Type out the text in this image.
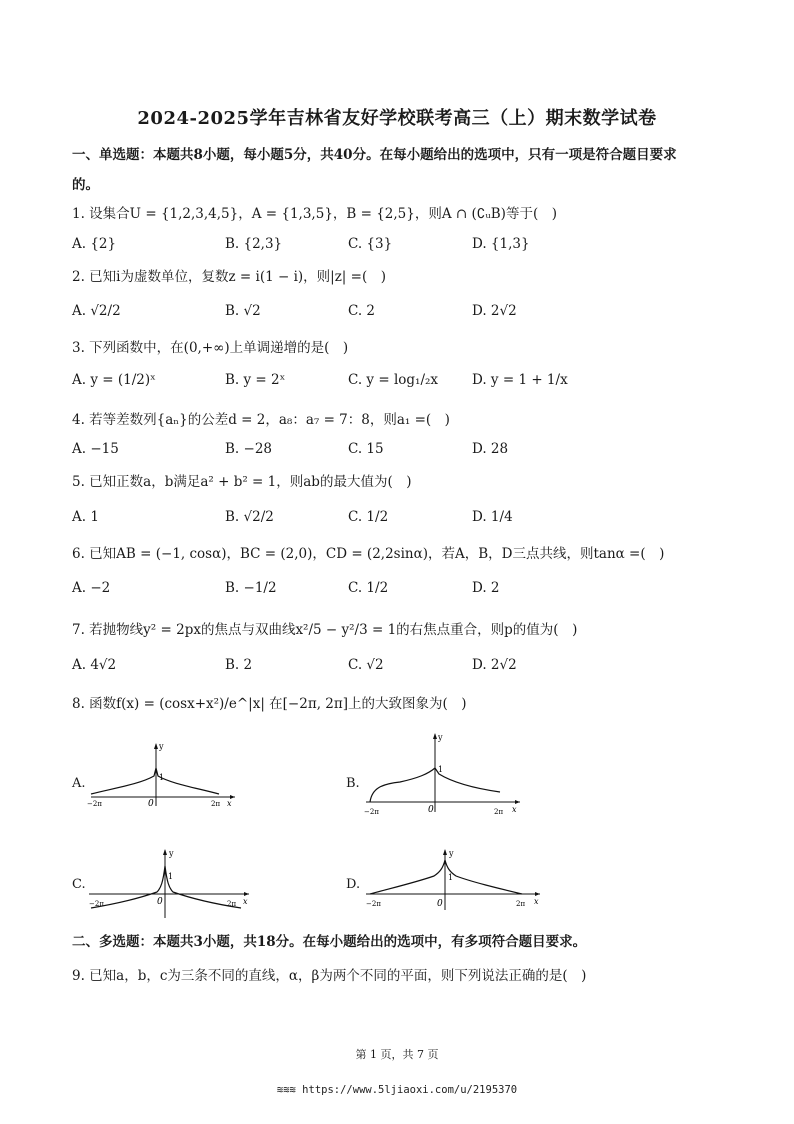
2024-2025学年吉林省友好学校联考高三（上）期末数学试卷
一、单选题：本题共8小题，每小题5分，共40分。在每小题给出的选项中，只有一项是符合题目要求
的。
1. 设集合U = {1,2,3,4,5}，A = {1,3,5}，B = {2,5}，则A ∩ (∁ᵤB)等于(　)
A. {2}	B. {2,3}	C. {3}	D. {1,3}
2. 已知i为虚数单位，复数z = i(1 − i)，则|z| =(　)
A. √2/2	B. √2	C. 2	D. 2√2
3. 下列函数中，在(0,+∞)上单调递增的是(　)
A. y = (1/2)ˣ	B. y = 2ˣ	C. y = log₁/₂x	D. y = 1 + 1/x
4. 若等差数列{aₙ}的公差d = 2，a₈：a₇ = 7：8，则a₁ =(　)
A. −15	B. −28	C. 15	D. 28
5. 已知正数a，b满足a² + b² = 1，则ab的最大值为(　)
A. 1	B. √2/2	C. 1/2	D. 1/4
6. 已知AB = (−1, cosα)，BC = (2,0)，CD = (2,2sinα)，若A，B，D三点共线，则tanα =(　)
A. −2	B. −1/2	C. 1/2	D. 2
7. 若抛物线y² = 2px的焦点与双曲线x²/5 − y²/3 = 1的右焦点重合，则p的值为(　)
A. 4√2	B. 2	C. √2	D. 2√2
8. 函数f(x) = (cosx+x²)/e^|x| 在[−2π, 2π]上的大致图象为(　)
A.
y
x
0
1
−2π	2π
B.
y
x
0
1
−2π	2π
C.
y
x
0
1
−2π	2π
D.
y
x
0
1
−2π	2π
二、多选题：本题共3小题，共18分。在每小题给出的选项中，有多项符合题目要求。
9. 已知a，b，c为三条不同的直线，α，β为两个不同的平面，则下列说法正确的是(　)
第 1 页，共 7 页
≋≋≋ https://www.5ljiaoxi.com/u/2195370
